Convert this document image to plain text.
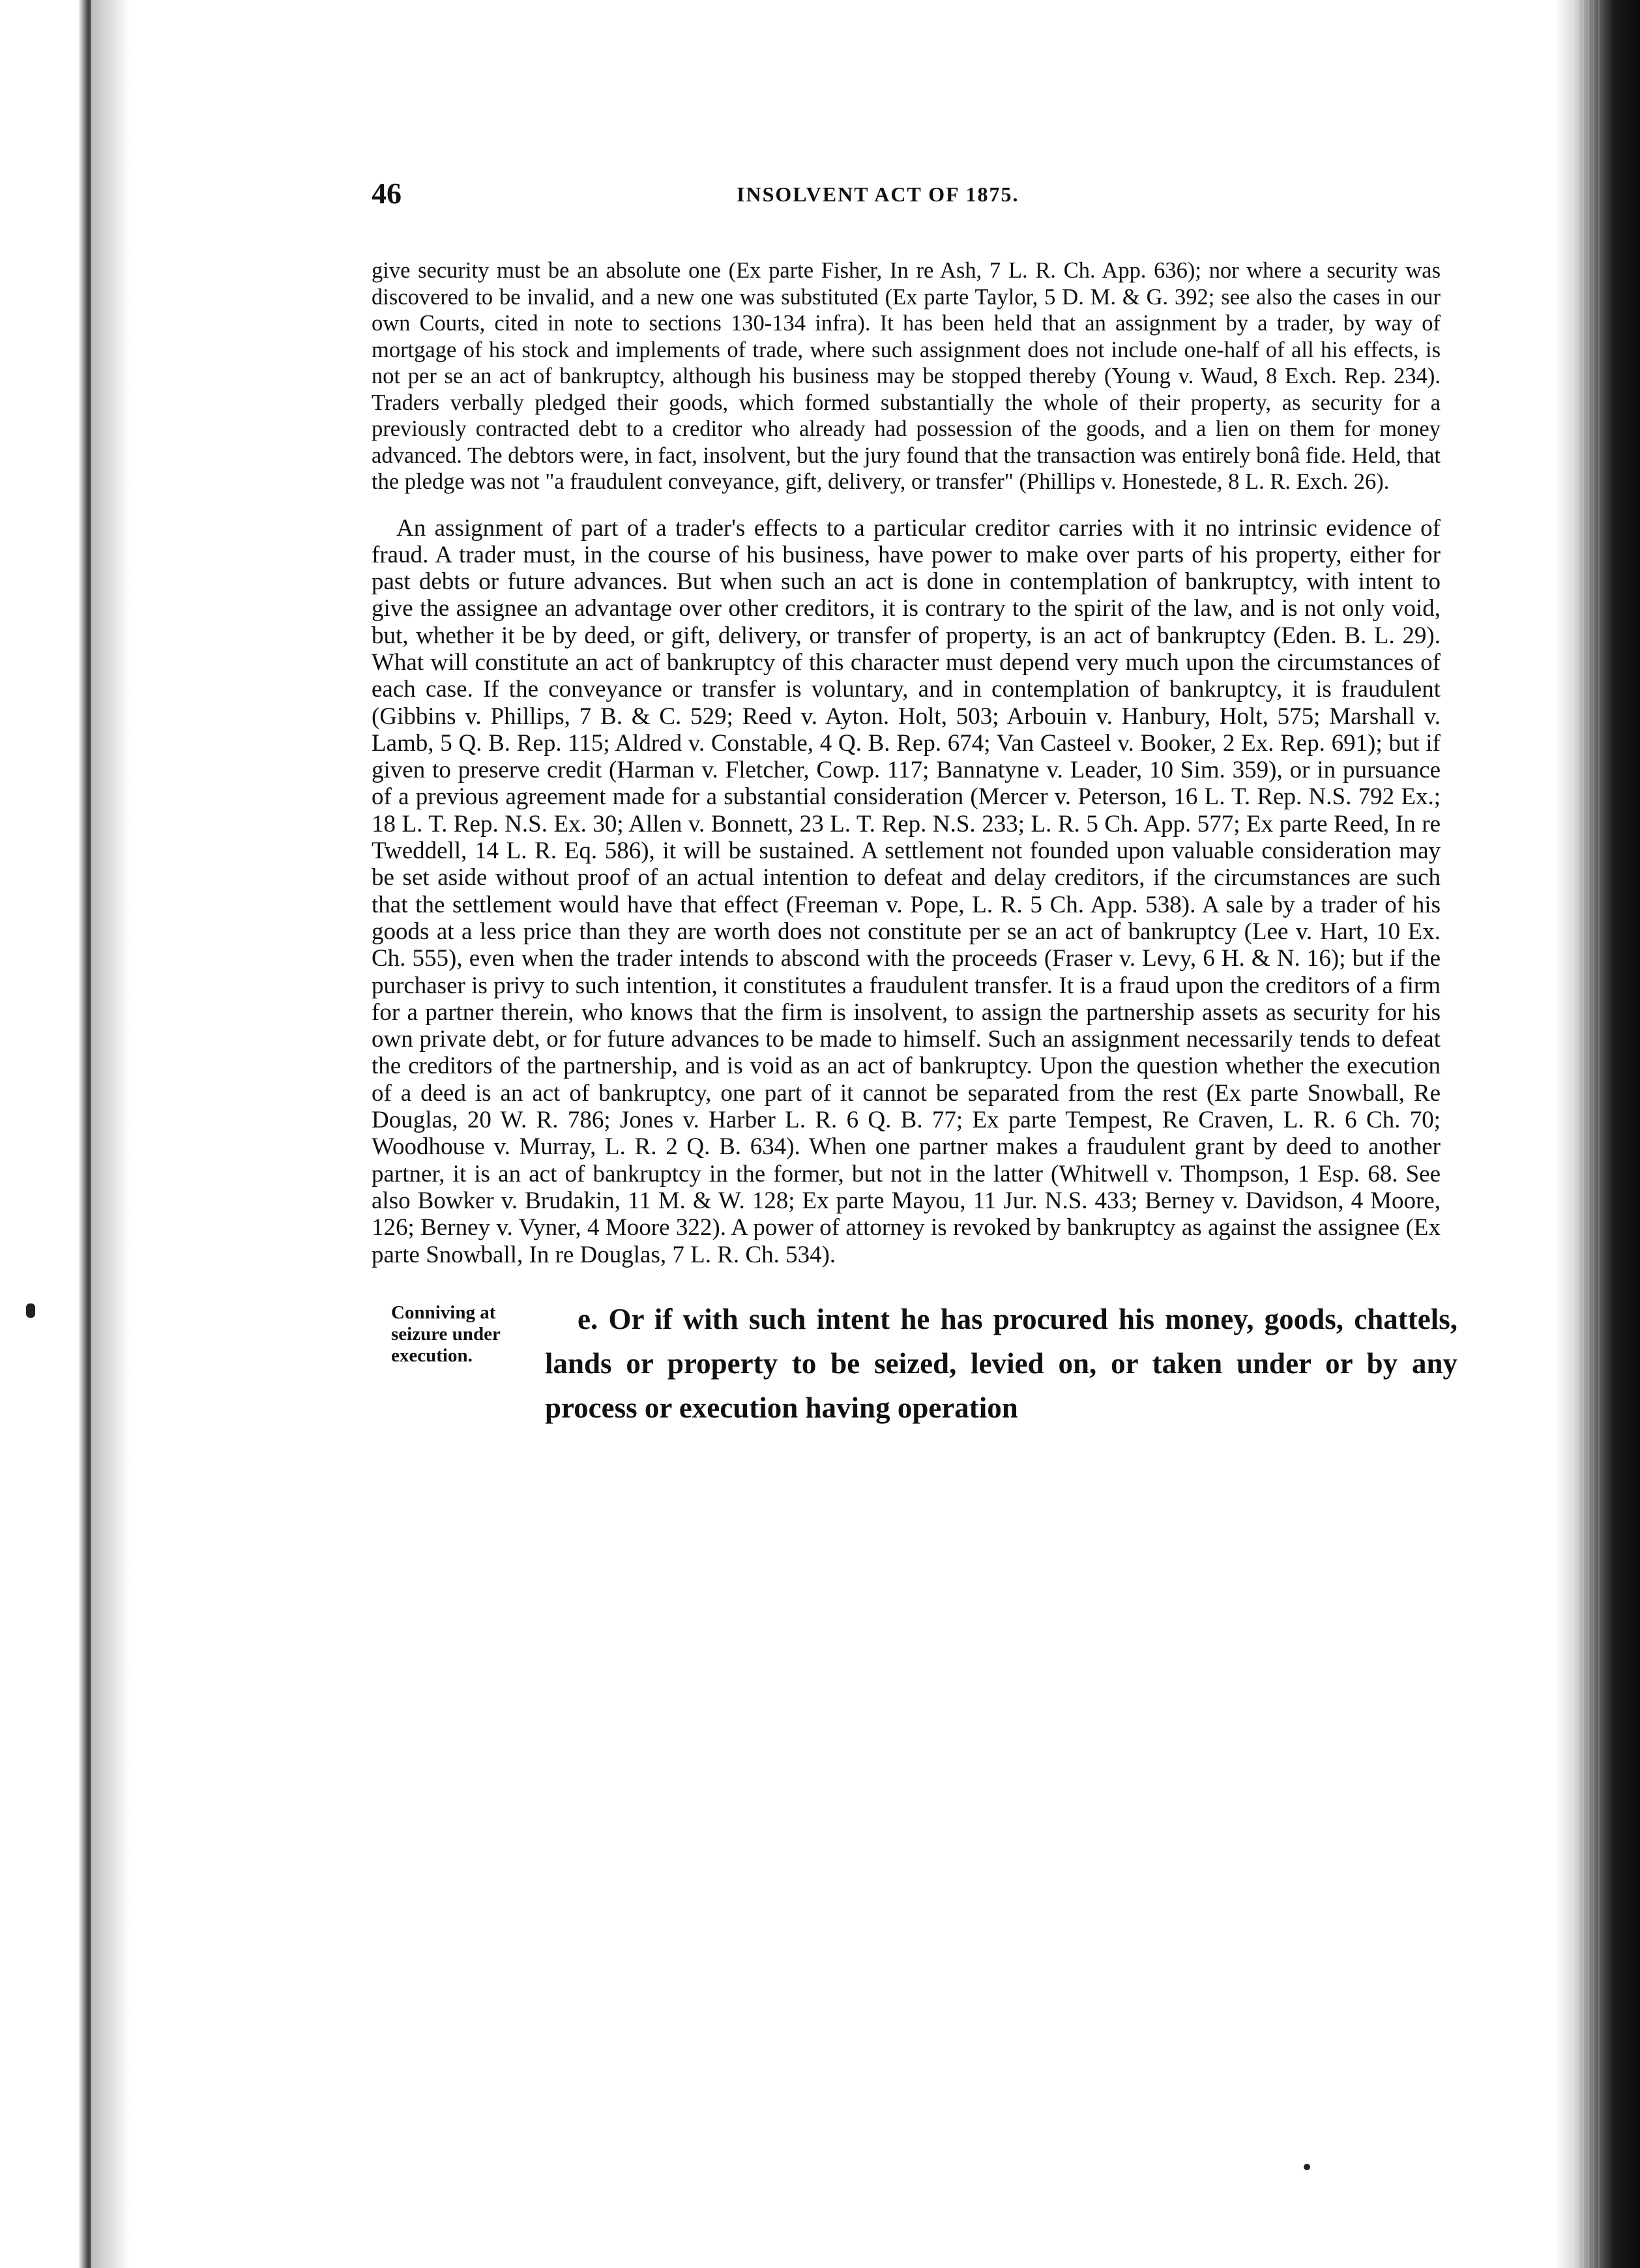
46	INSOLVENT ACT OF 1875.

give security must be an absolute one (Ex parte Fisher, In re Ash, 7 L. R. Ch. App. 636); nor where a security was discovered to be invalid, and a new one was substituted (Ex parte Taylor, 5 D. M. & G. 392; see also the cases in our own Courts, cited in note to sections 130-134 infra). It has been held that an assignment by a trader, by way of mortgage of his stock and implements of trade, where such assignment does not include one-half of all his effects, is not per se an act of bankruptcy, although his business may be stopped thereby (Young v. Waud, 8 Exch. Rep. 234). Traders verbally pledged their goods, which formed substantially the whole of their property, as security for a previously contracted debt to a creditor who already had possession of the goods, and a lien on them for money advanced. The debtors were, in fact, insolvent, but the jury found that the transaction was entirely bonâ fide. Held, that the pledge was not "a fraudulent conveyance, gift, delivery, or transfer" (Phillips v. Honestede, 8 L. R. Exch. 26).

An assignment of part of a trader's effects to a particular creditor carries with it no intrinsic evidence of fraud. A trader must, in the course of his business, have power to make over parts of his property, either for past debts or future advances. But when such an act is done in contemplation of bankruptcy, with intent to give the assignee an advantage over other creditors, it is contrary to the spirit of the law, and is not only void, but, whether it be by deed, or gift, delivery, or transfer of property, is an act of bankruptcy (Eden. B. L. 29). What will constitute an act of bankruptcy of this character must depend very much upon the circumstances of each case. If the conveyance or transfer is voluntary, and in contemplation of bankruptcy, it is fraudulent (Gibbins v. Phillips, 7 B. & C. 529; Reed v. Ayton. Holt, 503; Arbouin v. Hanbury, Holt, 575; Marshall v. Lamb, 5 Q. B. Rep. 115; Aldred v. Constable, 4 Q. B. Rep. 674; Van Casteel v. Booker, 2 Ex. Rep. 691); but if given to preserve credit (Harman v. Fletcher, Cowp. 117; Bannatyne v. Leader, 10 Sim. 359), or in pursuance of a previous agreement made for a substantial consideration (Mercer v. Peterson, 16 L. T. Rep. N.S. 792 Ex.; 18 L. T. Rep. N.S. Ex. 30; Allen v. Bonnett, 23 L. T. Rep. N.S. 233; L. R. 5 Ch. App. 577; Ex parte Reed, In re Tweddell, 14 L. R. Eq. 586), it will be sustained. A settlement not founded upon valuable consideration may be set aside without proof of an actual intention to defeat and delay creditors, if the circumstances are such that the settlement would have that effect (Freeman v. Pope, L. R. 5 Ch. App. 538). A sale by a trader of his goods at a less price than they are worth does not constitute per se an act of bankruptcy (Lee v. Hart, 10 Ex. Ch. 555), even when the trader intends to abscond with the proceeds (Fraser v. Levy, 6 H. & N. 16); but if the purchaser is privy to such intention, it constitutes a fraudulent transfer. It is a fraud upon the creditors of a firm for a partner therein, who knows that the firm is insolvent, to assign the partnership assets as security for his own private debt, or for future advances to be made to himself. Such an assignment necessarily tends to defeat the creditors of the partnership, and is void as an act of bankruptcy. Upon the question whether the execution of a deed is an act of bankruptcy, one part of it cannot be separated from the rest (Ex parte Snowball, Re Douglas, 20 W. R. 786; Jones v. Harber L. R. 6 Q. B. 77; Ex parte Tempest, Re Craven, L. R. 6 Ch. 70; Woodhouse v. Murray, L. R. 2 Q. B. 634). When one partner makes a fraudulent grant by deed to another partner, it is an act of bankruptcy in the former, but not in the latter (Whitwell v. Thompson, 1 Esp. 68. See also Bowker v. Brudakin, 11 M. & W. 128; Ex parte Mayou, 11 Jur. N.S. 433; Berney v. Davidson, 4 Moore, 126; Berney v. Vyner, 4 Moore 322). A power of attorney is revoked by bankruptcy as against the assignee (Ex parte Snowball, In re Douglas, 7 L. R. Ch. 534).

Conniving at seizure under execution.
e. Or if with such intent he has procured his money, goods, chattels, lands or property to be seized, levied on, or taken under or by any process or execution having operation
